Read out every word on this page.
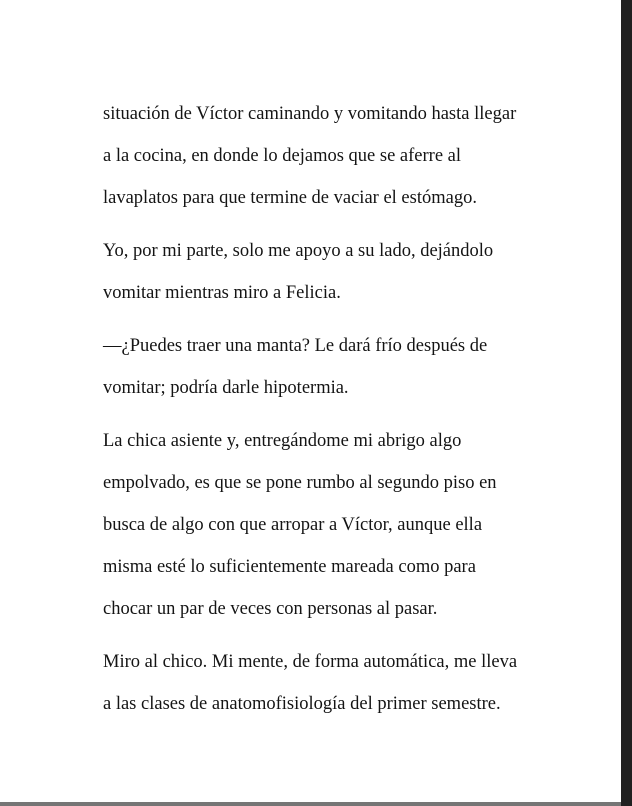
situación de Víctor caminando y vomitando hasta llegar
a la cocina, en donde lo dejamos que se aferre al
lavaplatos para que termine de vaciar el estómago.
Yo, por mi parte, solo me apoyo a su lado, dejándolo
vomitar mientras miro a Felicia.
—¿Puedes traer una manta? Le dará frío después de
vomitar; podría darle hipotermia.
La chica asiente y, entregándome mi abrigo algo
empolvado, es que se pone rumbo al segundo piso en
busca de algo con que arropar a Víctor, aunque ella
misma esté lo suficientemente mareada como para
chocar un par de veces con personas al pasar.
Miro al chico. Mi mente, de forma automática, me lleva
a las clases de anatomofisiología del primer semestre.
